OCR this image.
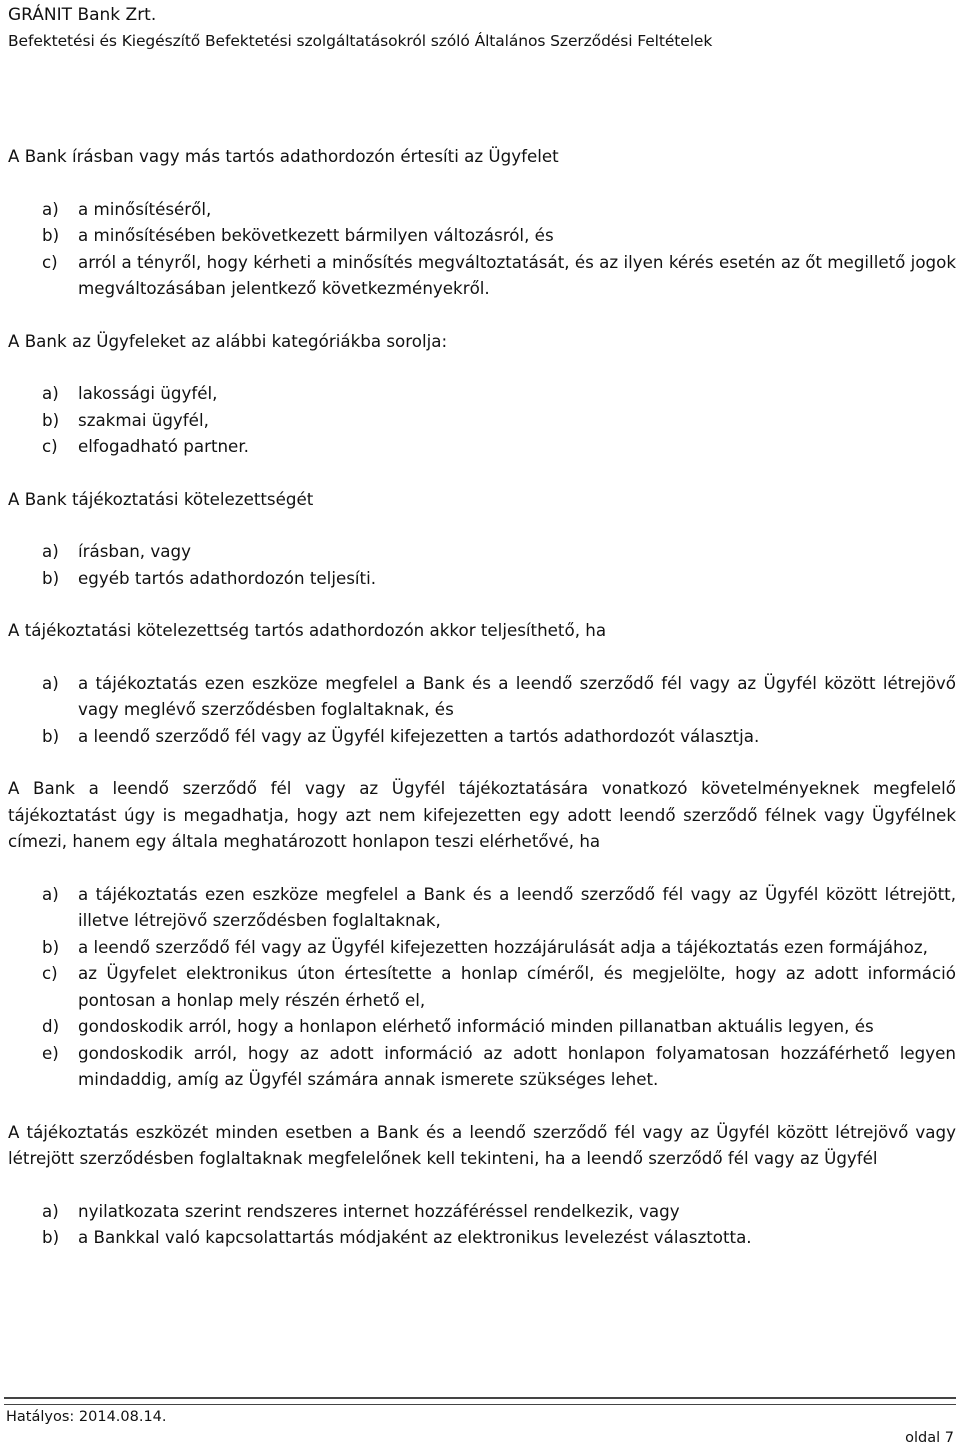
GRÁNIT Bank Zrt.
Befektetési és Kiegészítő Befektetési szolgáltatásokról szóló Általános Szerződési Feltételek

A Bank írásban vagy más tartós adathordozón értesíti az Ügyfelet

a) a minősítéséről,
b) a minősítésében bekövetkezett bármilyen változásról, és
c) arról a tényről, hogy kérheti a minősítés megváltoztatását, és az ilyen kérés esetén az őt megillető jogok megváltozásában jelentkező következményekről.

A Bank az Ügyfeleket az alábbi kategóriákba sorolja:

a) lakossági ügyfél,
b) szakmai ügyfél,
c) elfogadható partner.

A Bank tájékoztatási kötelezettségét

a) írásban, vagy
b) egyéb tartós adathordozón teljesíti.

A tájékoztatási kötelezettség tartós adathordozón akkor teljesíthető, ha

a) a tájékoztatás ezen eszköze megfelel a Bank és a leendő szerződő fél vagy az Ügyfél között létrejövő vagy meglévő szerződésben foglaltaknak, és
b) a leendő szerződő fél vagy az Ügyfél kifejezetten a tartós adathordozót választja.

A Bank a leendő szerződő fél vagy az Ügyfél tájékoztatására vonatkozó követelményeknek megfelelő tájékoztatást úgy is megadhatja, hogy azt nem kifejezetten egy adott leendő szerződő félnek vagy Ügyfélnek címezi, hanem egy általa meghatározott honlapon teszi elérhetővé, ha

a) a tájékoztatás ezen eszköze megfelel a Bank és a leendő szerződő fél vagy az Ügyfél között létrejött, illetve létrejövő szerződésben foglaltaknak,
b) a leendő szerződő fél vagy az Ügyfél kifejezetten hozzájárulását adja a tájékoztatás ezen formájához,
c) az Ügyfelet elektronikus úton értesítette a honlap címéről, és megjelölte, hogy az adott információ pontosan a honlap mely részén érhető el,
d) gondoskodik arról, hogy a honlapon elérhető információ minden pillanatban aktuális legyen, és
e) gondoskodik arról, hogy az adott információ az adott honlapon folyamatosan hozzáférhető legyen mindaddig, amíg az Ügyfél számára annak ismerete szükséges lehet.

A tájékoztatás eszközét minden esetben a Bank és a leendő szerződő fél vagy az Ügyfél között létrejövő vagy létrejött szerződésben foglaltaknak megfelelőnek kell tekinteni, ha a leendő szerződő fél vagy az Ügyfél

a) nyilatkozata szerint rendszeres internet hozzáféréssel rendelkezik, vagy
b) a Bankkal való kapcsolattartás módjaként az elektronikus levelezést választotta.
Hatályos: 2014.08.14.
oldal 7
